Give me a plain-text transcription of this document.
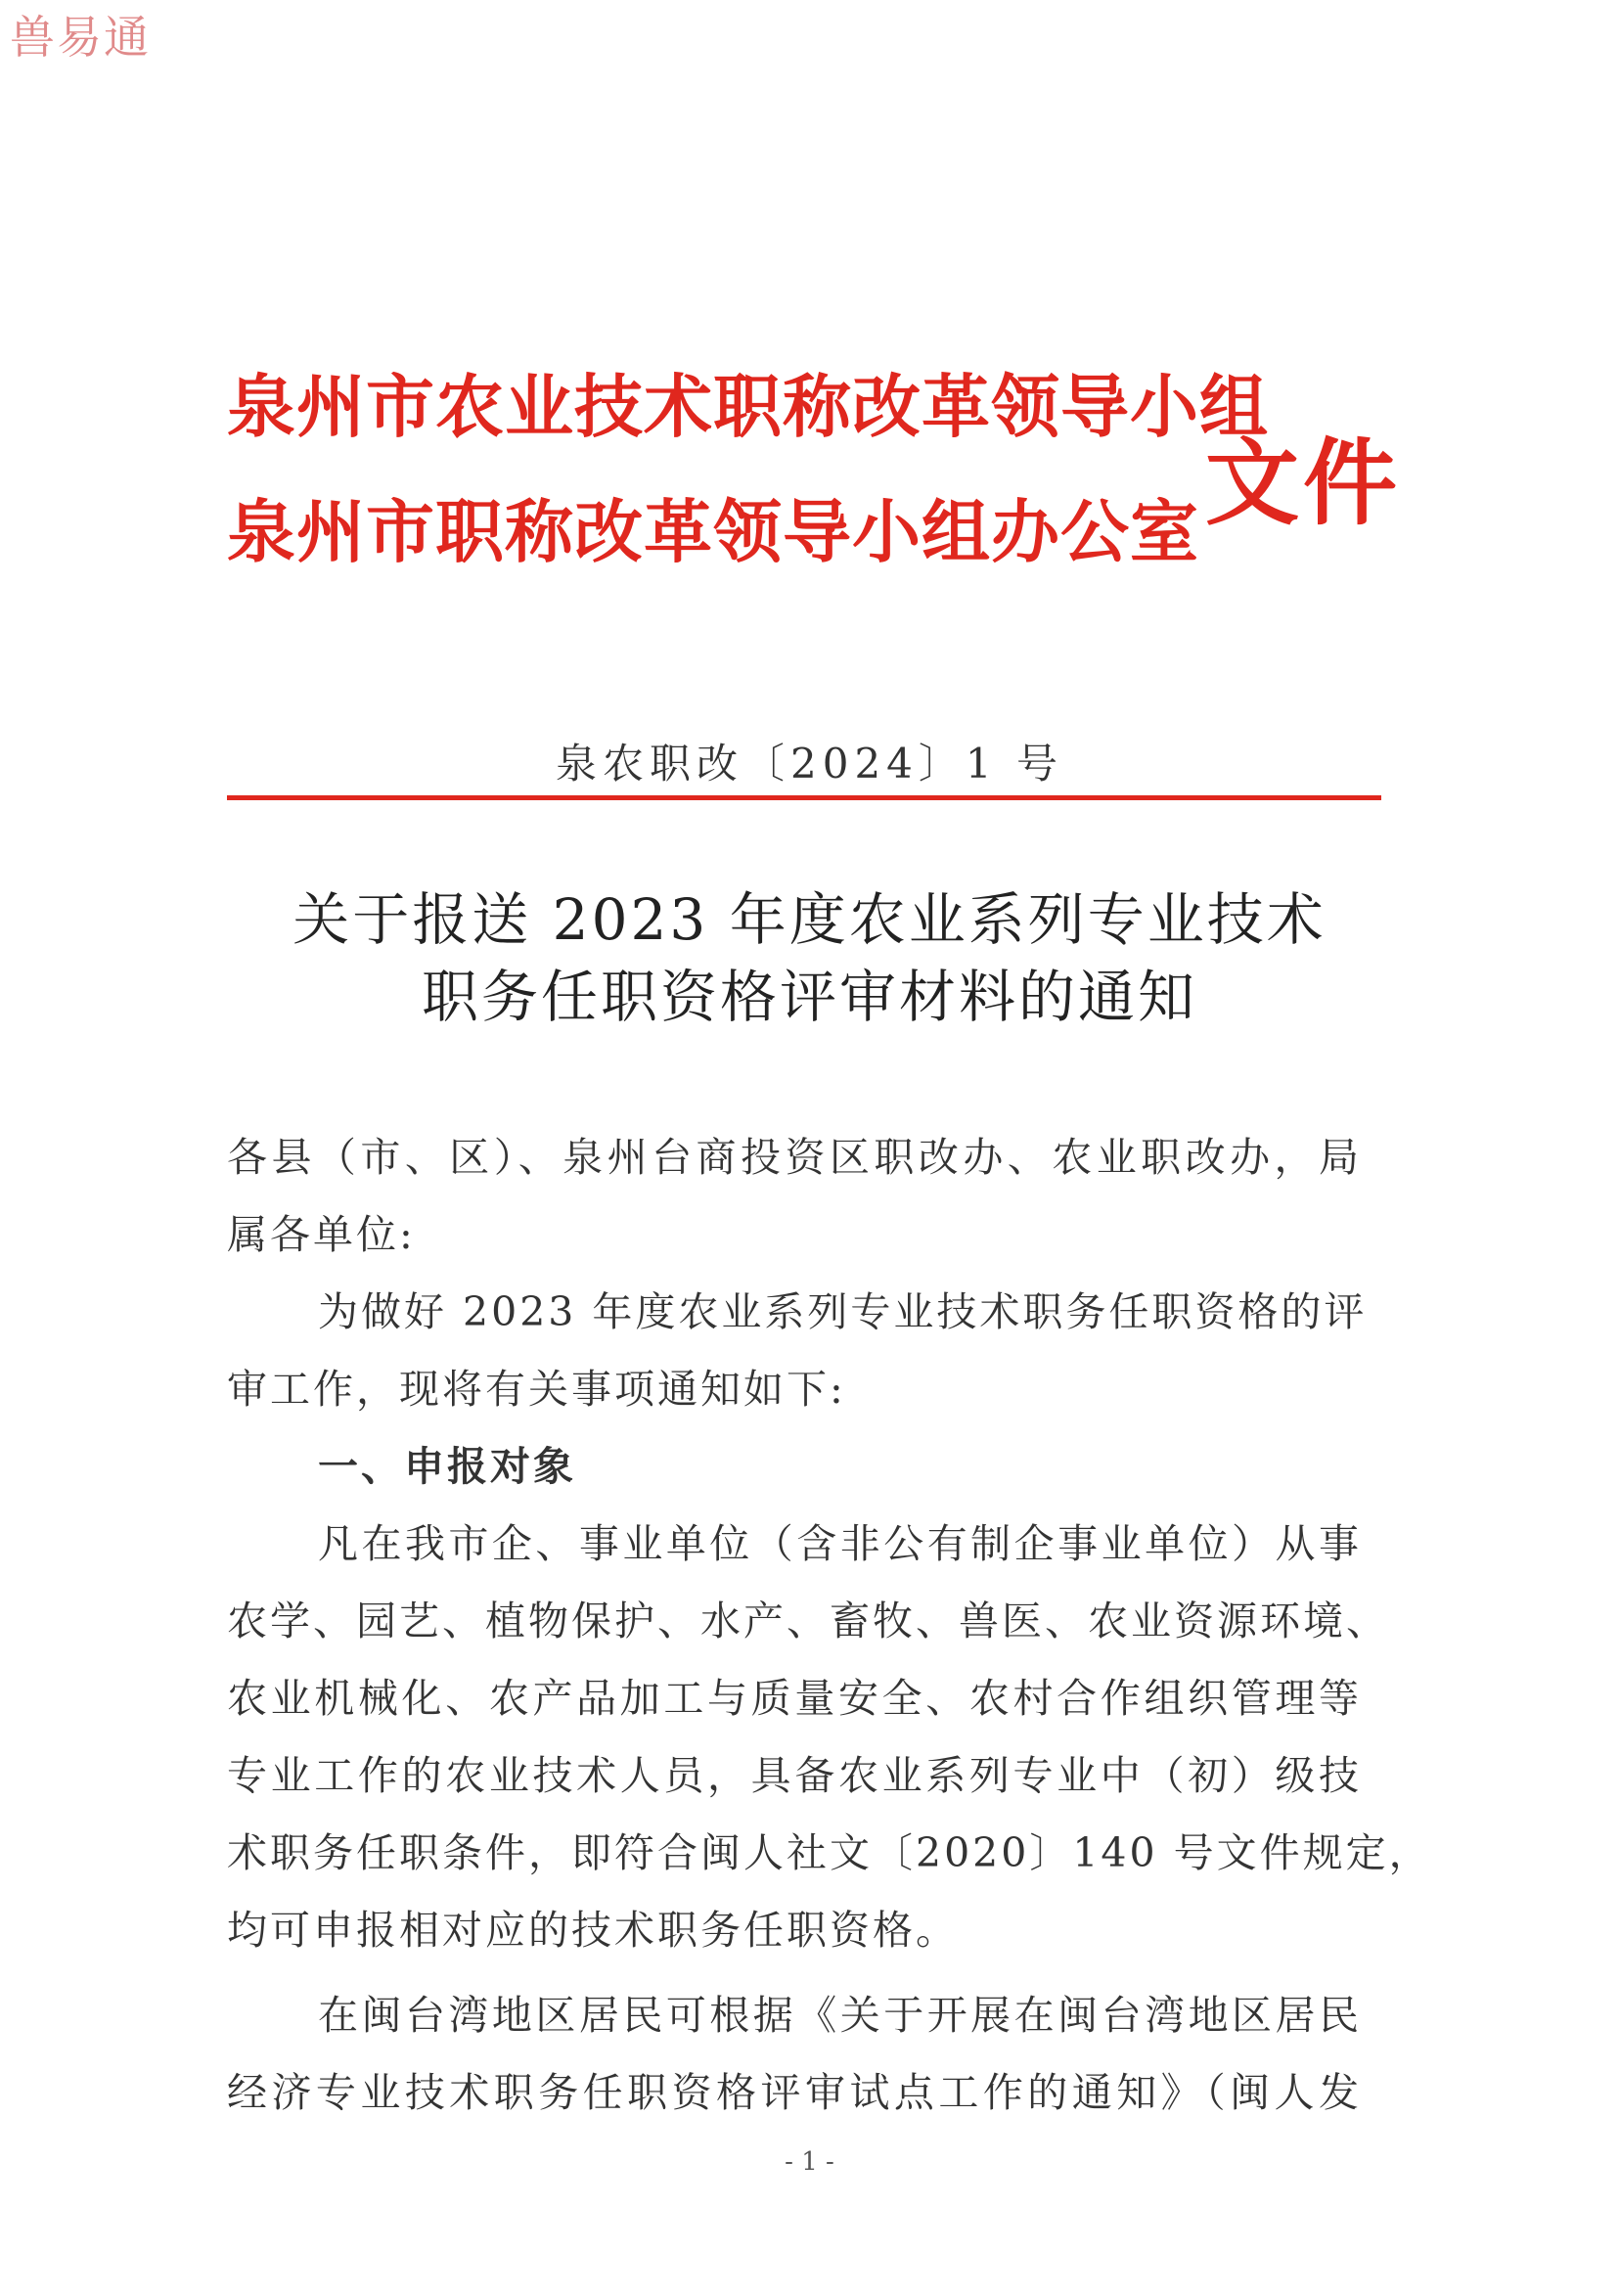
兽易通
泉州市农业技术职称改革领导小组
泉州市职称改革领导小组办公室 文件
泉农职改〔2024〕1 号
关于报送 2023 年度农业系列专业技术
职务任职资格评审材料的通知
各县（市、区）、泉州台商投资区职改办、农业职改办，局
属各单位:
为做好 2023 年度农业系列专业技术职务任职资格的评
审工作，现将有关事项通知如下:
一、申报对象
凡在我市企、事业单位（含非公有制企事业单位）从事
农学、园艺、植物保护、水产、畜牧、兽医、农业资源环境、
农业机械化、农产品加工与质量安全、农村合作组织管理等
专业工作的农业技术人员，具备农业系列专业中（初）级技
术职务任职条件，即符合闽人社文〔2020〕140 号文件规定，
均可申报相对应的技术职务任职资格。
在闽台湾地区居民可根据《关于开展在闽台湾地区居民
经济专业技术职务任职资格评审试点工作的通知》（闽人发
- 1 -
